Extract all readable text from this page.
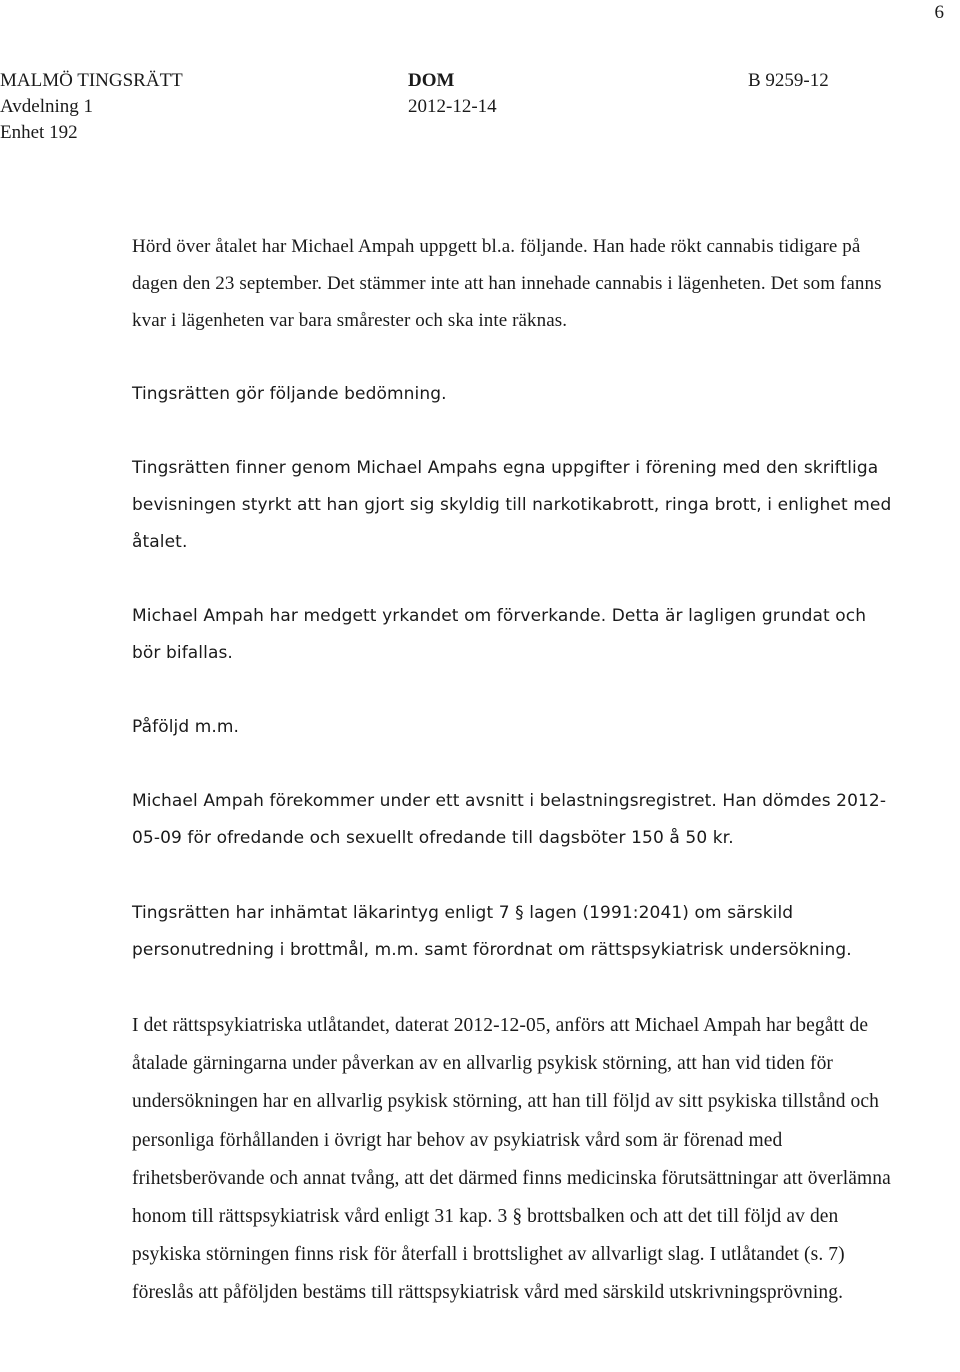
6
MALMÖ TINGSRÄTT
Avdelning 1
Enhet 192
DOM
2012-12-14
B 9259-12

Hörd över åtalet har Michael Ampah uppgett bl.a. följande. Han hade rökt cannabis tidigare på dagen den 23 september. Det stämmer inte att han innehade cannabis i lägenheten. Det som fanns kvar i lägenheten var bara smårester och ska inte räknas.

Tingsrätten gör följande bedömning.

Tingsrätten finner genom Michael Ampahs egna uppgifter i förening med den skriftliga bevisningen styrkt att han gjort sig skyldig till narkotikabrott, ringa brott, i enlighet med åtalet.

Michael Ampah har medgett yrkandet om förverkande. Detta är lagligen grundat och bör bifallas.

Påföljd m.m.

Michael Ampah förekommer under ett avsnitt i belastningsregistret. Han dömdes 2012-05-09 för ofredande och sexuellt ofredande till dagsböter 150 å 50 kr.

Tingsrätten har inhämtat läkarintyg enligt 7 § lagen (1991:2041) om särskild personutredning i brottmål, m.m. samt förordnat om rättspsykiatrisk undersökning.

I det rättspsykiatriska utlåtandet, daterat 2012-12-05, anförs att Michael Ampah har begått de åtalade gärningarna under påverkan av en allvarlig psykisk störning, att han vid tiden för undersökningen har en allvarlig psykisk störning, att han till följd av sitt psykiska tillstånd och personliga förhållanden i övrigt har behov av psykiatrisk vård som är förenad med frihetsberövande och annat tvång, att det därmed finns medicinska förutsättningar att överlämna honom till rättspsykiatrisk vård enligt 31 kap. 3 § brottsbalken och att det till följd av den psykiska störningen finns risk för återfall i brottslighet av allvarligt slag. I utlåtandet (s. 7) föreslås att påföljden bestäms till rättspsykiatrisk vård med särskild utskrivningsprövning.
